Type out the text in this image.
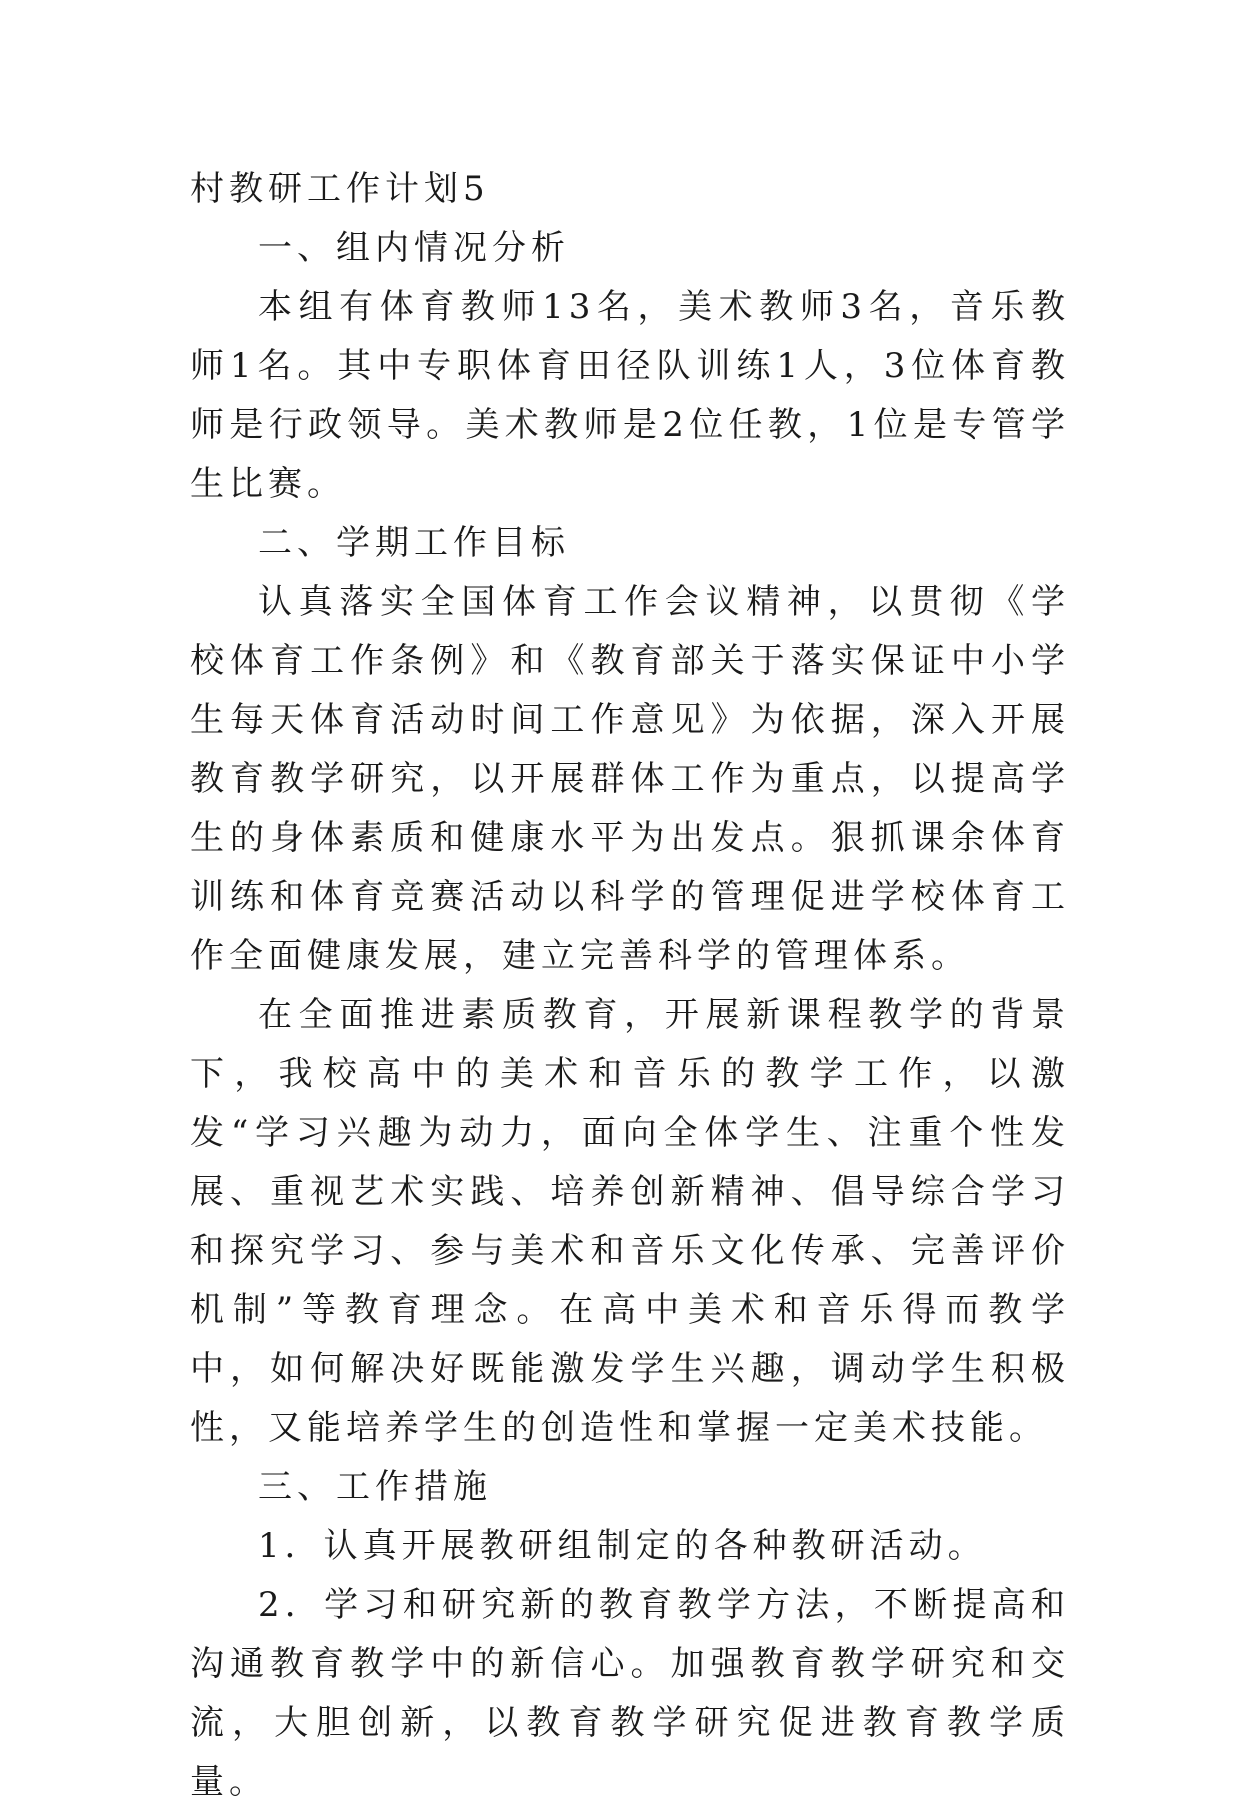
村教研工作计划5

一、组内情况分析

本组有体育教师13名，美术教师3名，音乐教师1名。其中专职体育田径队训练1人，3位体育教师是行政领导。美术教师是2位任教，1位是专管学生比赛。

二、学期工作目标

认真落实全国体育工作会议精神，以贯彻《学校体育工作条例》和《教育部关于落实保证中小学生每天体育活动时间工作意见》为依据，深入开展教育教学研究，以开展群体工作为重点，以提高学生的身体素质和健康水平为出发点。狠抓课余体育训练和体育竞赛活动以科学的管理促进学校体育工作全面健康发展，建立完善科学的管理体系。

在全面推进素质教育，开展新课程教学的背景下，我校高中的美术和音乐的教学工作，以激发“学习兴趣为动力，面向全体学生、注重个性发展、重视艺术实践、培养创新精神、倡导综合学习和探究学习、参与美术和音乐文化传承、完善评价机制”等教育理念。在高中美术和音乐得而教学中，如何解决好既能激发学生兴趣，调动学生积极性，又能培养学生的创造性和掌握一定美术技能。

三、工作措施

1．认真开展教研组制定的各种教研活动。

2．学习和研究新的教育教学方法，不断提高和沟通教育教学中的新信心。加强教育教学研究和交流，大胆创新，以教育教学研究促进教育教学质量。
